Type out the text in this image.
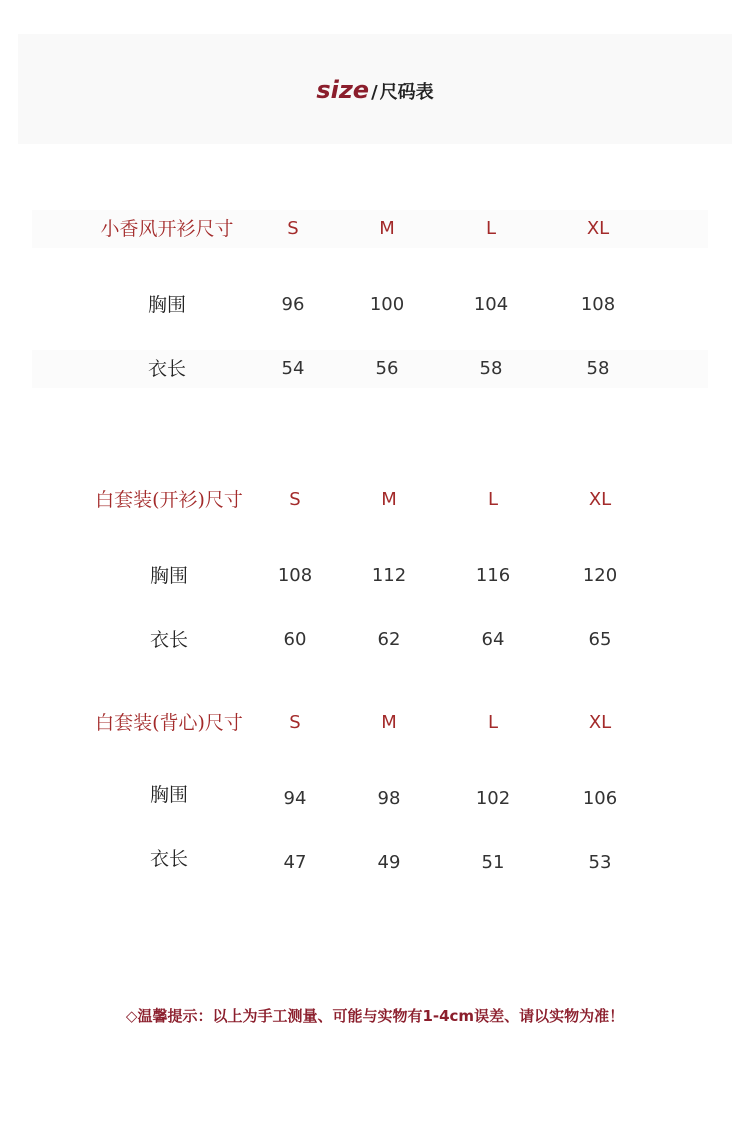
size / 尺码表
小香风开衫尺寸	S	M	L	XL
胸围	96	100	104	108
衣长	54	56	58	58
白套装(开衫)尺寸	S	M	L	XL
胸围	108	112	116	120
衣长	60	62	64	65
白套装(背心)尺寸	S	M	L	XL
胸围	94	98	102	106
衣长	47	49	51	53
◇温馨提示：以上为手工测量、可能与实物有1-4cm误差、请以实物为准！
